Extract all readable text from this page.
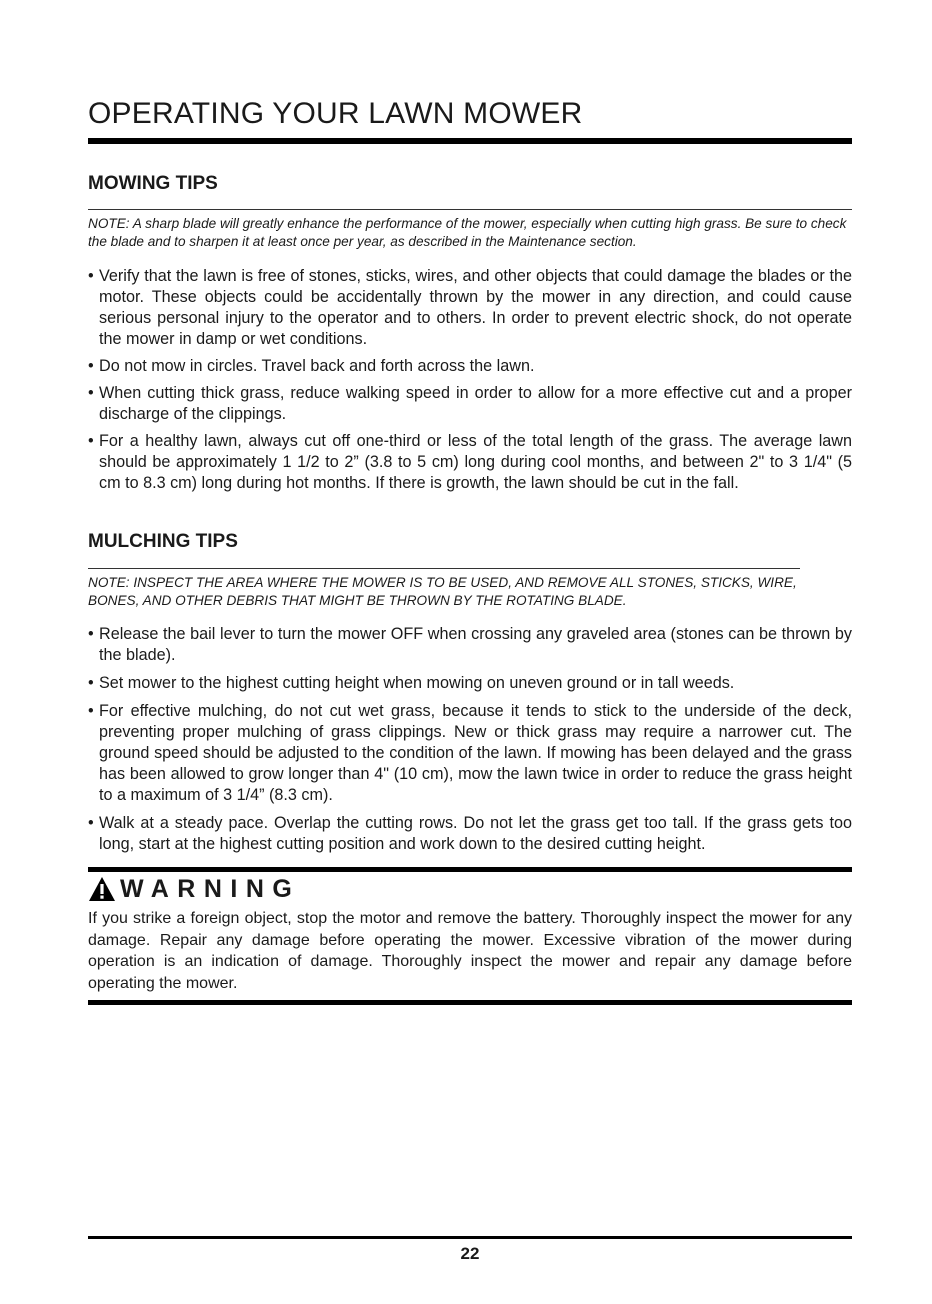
OPERATING YOUR LAWN MOWER
MOWING TIPS

NOTE: A sharp blade will greatly enhance the performance of the mower, especially when cutting high grass. Be sure to check the blade and to sharpen it at least once per year, as described in the Maintenance section.

• Verify that the lawn is free of stones, sticks, wires, and other objects that could damage the blades or the motor. These objects could be accidentally thrown by the mower in any direction, and could cause serious personal injury to the operator and to others. In order to prevent electric shock, do not operate the mower in damp or wet conditions.
• Do not mow in circles. Travel back and forth across the lawn.
• When cutting thick grass, reduce walking speed in order to allow for a more effective cut and a proper discharge of the clippings.
• For a healthy lawn, always cut off one-third or less of the total length of the grass. The average lawn should be approximately 1 1/2 to 2” (3.8 to 5 cm) long during cool months, and between 2" to 3 1/4" (5 cm to 8.3 cm) long during hot months. If there is growth, the lawn should be cut in the fall.
MULCHING TIPS

NOTE: INSPECT THE AREA WHERE THE MOWER IS TO BE USED, AND REMOVE ALL STONES, STICKS, WIRE, BONES, AND OTHER DEBRIS THAT MIGHT BE THROWN BY THE ROTATING BLADE.

• Release the bail lever to turn the mower OFF when crossing any graveled area (stones can be thrown by the blade).
• Set mower to the highest cutting height when mowing on uneven ground or in tall weeds.
• For effective mulching, do not cut wet grass, because it tends to stick to the underside of the deck, preventing proper mulching of grass clippings. New or thick grass may require a narrower cut. The ground speed should be adjusted to the condition of the lawn. If mowing has been delayed and the grass has been allowed to grow longer than 4" (10 cm), mow the lawn twice in order to reduce the grass height to a maximum of 3 1/4” (8.3 cm).
• Walk at a steady pace. Overlap the cutting rows. Do not let the grass get too tall. If the grass gets too long, start at the highest cutting position and work down to the desired cutting height.
WARNING

If you strike a foreign object, stop the motor and remove the battery. Thoroughly inspect the mower for any damage. Repair any damage before operating the mower. Excessive vibration of the mower during operation is an indication of damage. Thoroughly inspect the mower and repair any damage before operating the mower.

22
